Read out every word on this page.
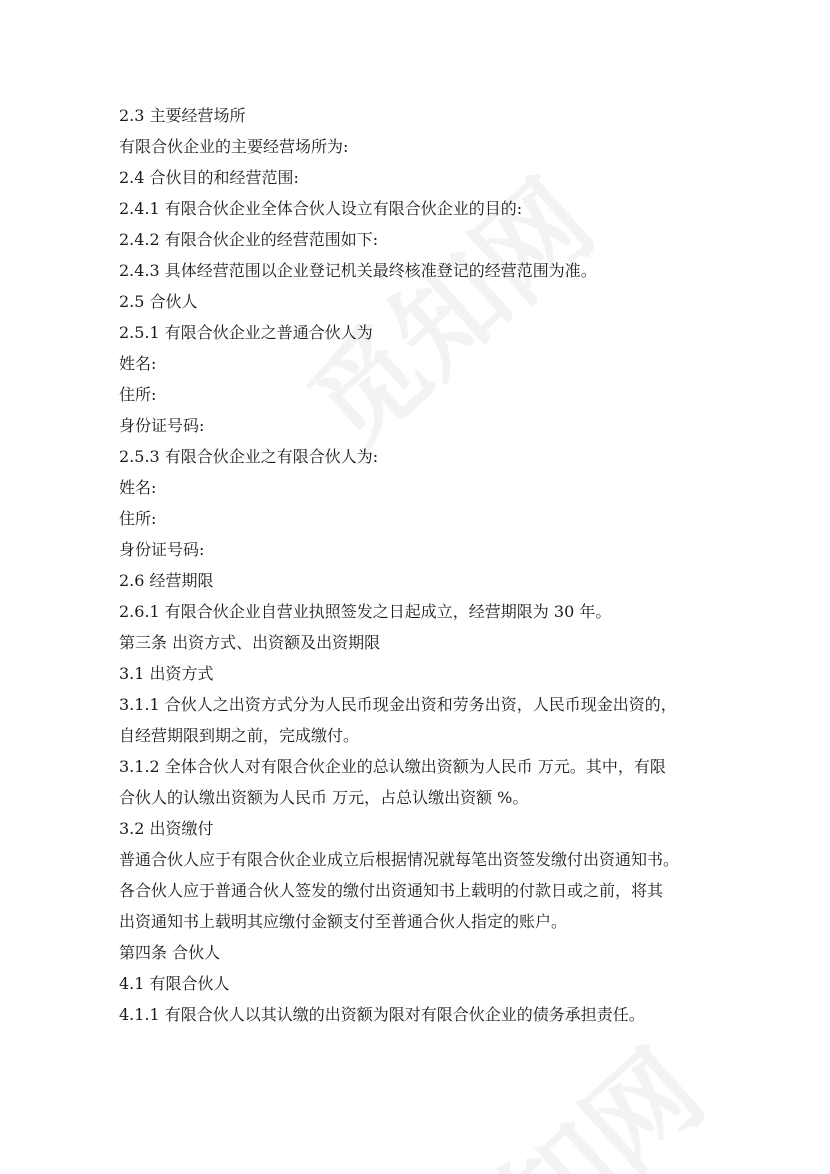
2.3 主要经营场所

有限合伙企业的主要经营场所为:

2.4 合伙目的和经营范围:

2.4.1 有限合伙企业全体合伙人设立有限合伙企业的目的:

2.4.2 有限合伙企业的经营范围如下:

2.4.3 具体经营范围以企业登记机关最终核准登记的经营范围为准。

2.5 合伙人

2.5.1 有限合伙企业之普通合伙人为

姓名:

住所:

身份证号码:

2.5.3 有限合伙企业之有限合伙人为:

姓名:

住所:

身份证号码:

2.6 经营期限

2.6.1 有限合伙企业自营业执照签发之日起成立，经营期限为 30 年。

第三条 出资方式、出资额及出资期限

3.1 出资方式

3.1.1 合伙人之出资方式分为人民币现金出资和劳务出资，人民币现金出资的，

自经营期限到期之前，完成缴付。

3.1.2 全体合伙人对有限合伙企业的总认缴出资额为人民币 万元。其中，有限

合伙人的认缴出资额为人民币 万元，占总认缴出资额 %。

3.2 出资缴付

普通合伙人应于有限合伙企业成立后根据情况就每笔出资签发缴付出资通知书。

各合伙人应于普通合伙人签发的缴付出资通知书上载明的付款日或之前，将其

出资通知书上载明其应缴付金额支付至普通合伙人指定的账户。

第四条 合伙人

4.1 有限合伙人

4.1.1 有限合伙人以其认缴的出资额为限对有限合伙企业的债务承担责任。
